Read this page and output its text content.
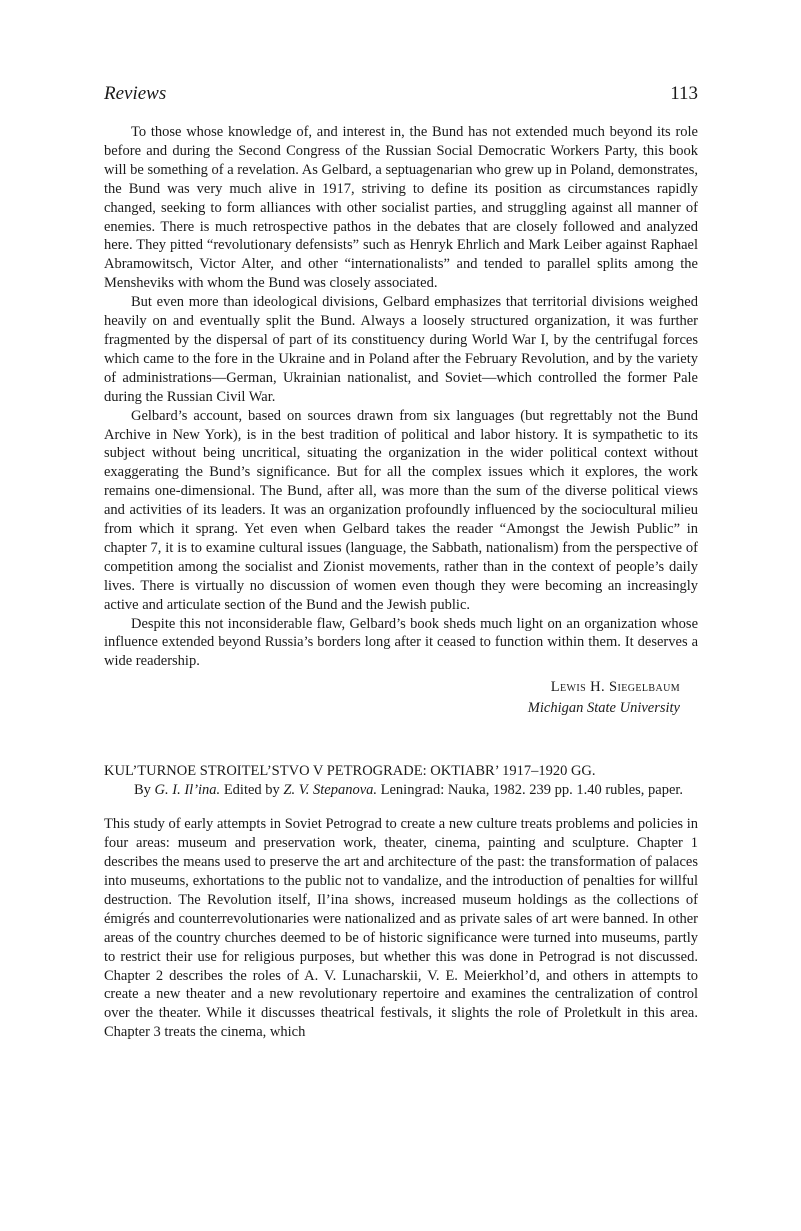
Reviews	113

To those whose knowledge of, and interest in, the Bund has not extended much beyond its role before and during the Second Congress of the Russian Social Democratic Workers Party, this book will be something of a revelation. As Gelbard, a septuagenarian who grew up in Poland, demonstrates, the Bund was very much alive in 1917, striving to define its position as circumstances rapidly changed, seeking to form alliances with other socialist parties, and struggling against all manner of enemies. There is much retrospective pathos in the debates that are closely followed and analyzed here. They pitted “revolutionary defensists” such as Henryk Ehrlich and Mark Leiber against Raphael Abramowitsch, Victor Alter, and other “internationalists” and tended to parallel splits among the Mensheviks with whom the Bund was closely associated.

But even more than ideological divisions, Gelbard emphasizes that territorial divisions weighed heavily on and eventually split the Bund. Always a loosely structured organization, it was further fragmented by the dispersal of part of its constituency during World War I, by the centrifugal forces which came to the fore in the Ukraine and in Poland after the February Revolution, and by the variety of administrations—German, Ukrainian nationalist, and Soviet—which controlled the former Pale during the Russian Civil War.

Gelbard’s account, based on sources drawn from six languages (but regrettably not the Bund Archive in New York), is in the best tradition of political and labor history. It is sympathetic to its subject without being uncritical, situating the organization in the wider political context without exaggerating the Bund’s significance. But for all the complex issues which it explores, the work remains one-dimensional. The Bund, after all, was more than the sum of the diverse political views and activities of its leaders. It was an organization profoundly influenced by the sociocultural milieu from which it sprang. Yet even when Gelbard takes the reader “Amongst the Jewish Public” in chapter 7, it is to examine cultural issues (language, the Sabbath, nationalism) from the perspective of competition among the socialist and Zionist movements, rather than in the context of people’s daily lives. There is virtually no discussion of women even though they were becoming an increasingly active and articulate section of the Bund and the Jewish public.

Despite this not inconsiderable flaw, Gelbard’s book sheds much light on an organization whose influence extended beyond Russia’s borders long after it ceased to function within them. It deserves a wide readership.

Lewis H. Siegelbaum
Michigan State University
KUL’TURNOE STROITEL’STVO V PETROGRADE: OKTIABR’ 1917–1920 GG.
By G. I. Il’ina. Edited by Z. V. Stepanova. Leningrad: Nauka, 1982. 239 pp. 1.40 rubles, paper.

This study of early attempts in Soviet Petrograd to create a new culture treats problems and policies in four areas: museum and preservation work, theater, cinema, painting and sculpture. Chapter 1 describes the means used to preserve the art and architecture of the past: the transformation of palaces into museums, exhortations to the public not to vandalize, and the introduction of penalties for willful destruction. The Revolution itself, Il’ina shows, increased museum holdings as the collections of émigrés and counterrevolutionaries were nationalized and as private sales of art were banned. In other areas of the country churches deemed to be of historic significance were turned into museums, partly to restrict their use for religious purposes, but whether this was done in Petrograd is not discussed. Chapter 2 describes the roles of A. V. Lunacharskii, V. E. Meierkhol’d, and others in attempts to create a new theater and a new revolutionary repertoire and examines the centralization of control over the theater. While it discusses theatrical festivals, it slights the role of Proletkult in this area. Chapter 3 treats the cinema, which
